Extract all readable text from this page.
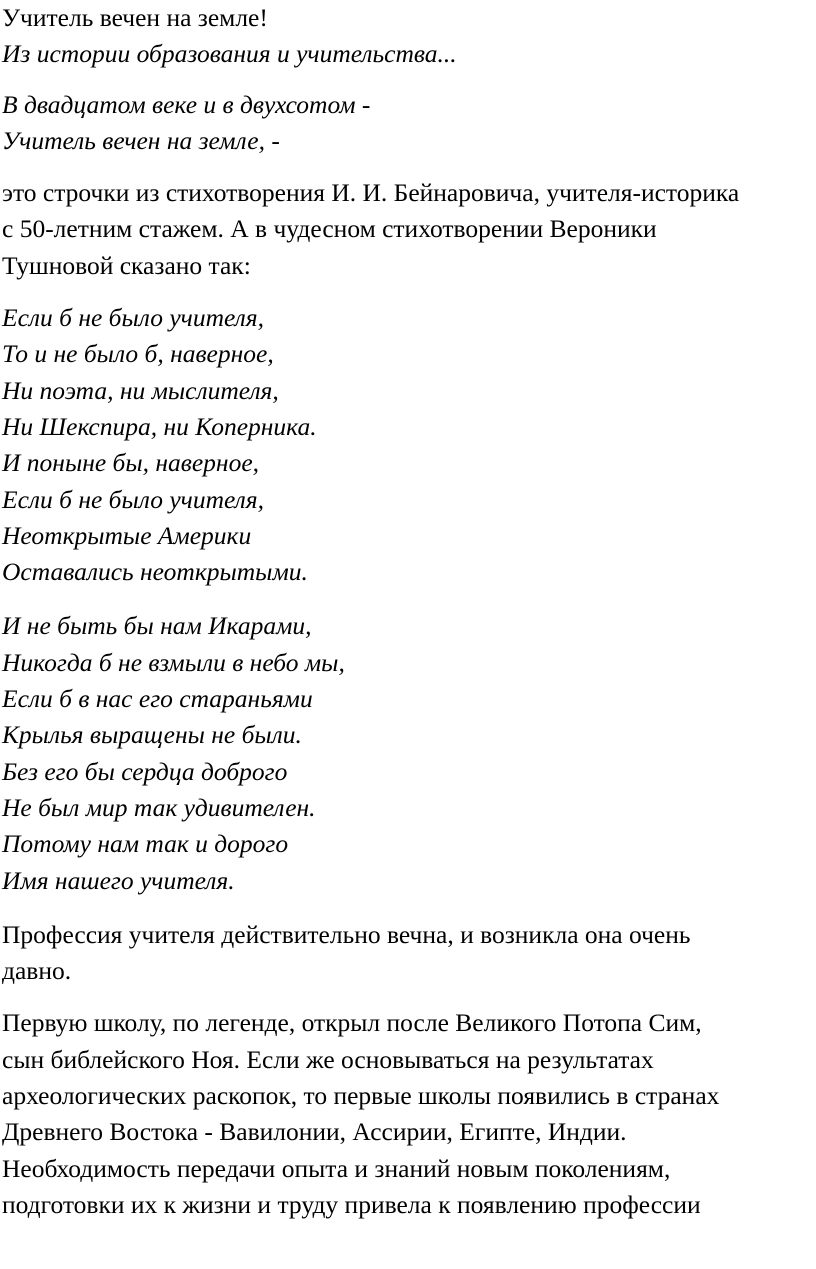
Учитель вечен на земле!
Из истории образования и учительства...
В двадцатом веке и в двухсотом -
Учитель вечен на земле, -
это строчки из стихотворения И. И. Бейнаровича, учителя-историка
с 50-летним стажем. А в чудесном стихотворении Вероники
Тушновой сказано так:
Если б не было учителя,
То и не было б, наверное,
Ни поэта, ни мыслителя,
Ни Шекспира, ни Коперника.
И поныне бы, наверное,
Если б не было учителя,
Неоткрытые Америки
Оставались неоткрытыми.
И не быть бы нам Икарами,
Никогда б не взмыли в небо мы,
Если б в нас его стараньями
Крылья выращены не были.
Без его бы сердца доброго
Не был мир так удивителен.
Потому нам так и дорого
Имя нашего учителя.
Профессия учителя действительно вечна, и возникла она очень
давно.
Первую школу, по легенде, открыл после Великого Потопа Сим,
сын библейского Ноя. Если же основываться на результатах
археологических раскопок, то первые школы появились в странах
Древнего Востока - Вавилонии, Ассирии, Египте, Индии.
Необходимость передачи опыта и знаний новым поколениям,
подготовки их к жизни и труду привела к появлению профессии
